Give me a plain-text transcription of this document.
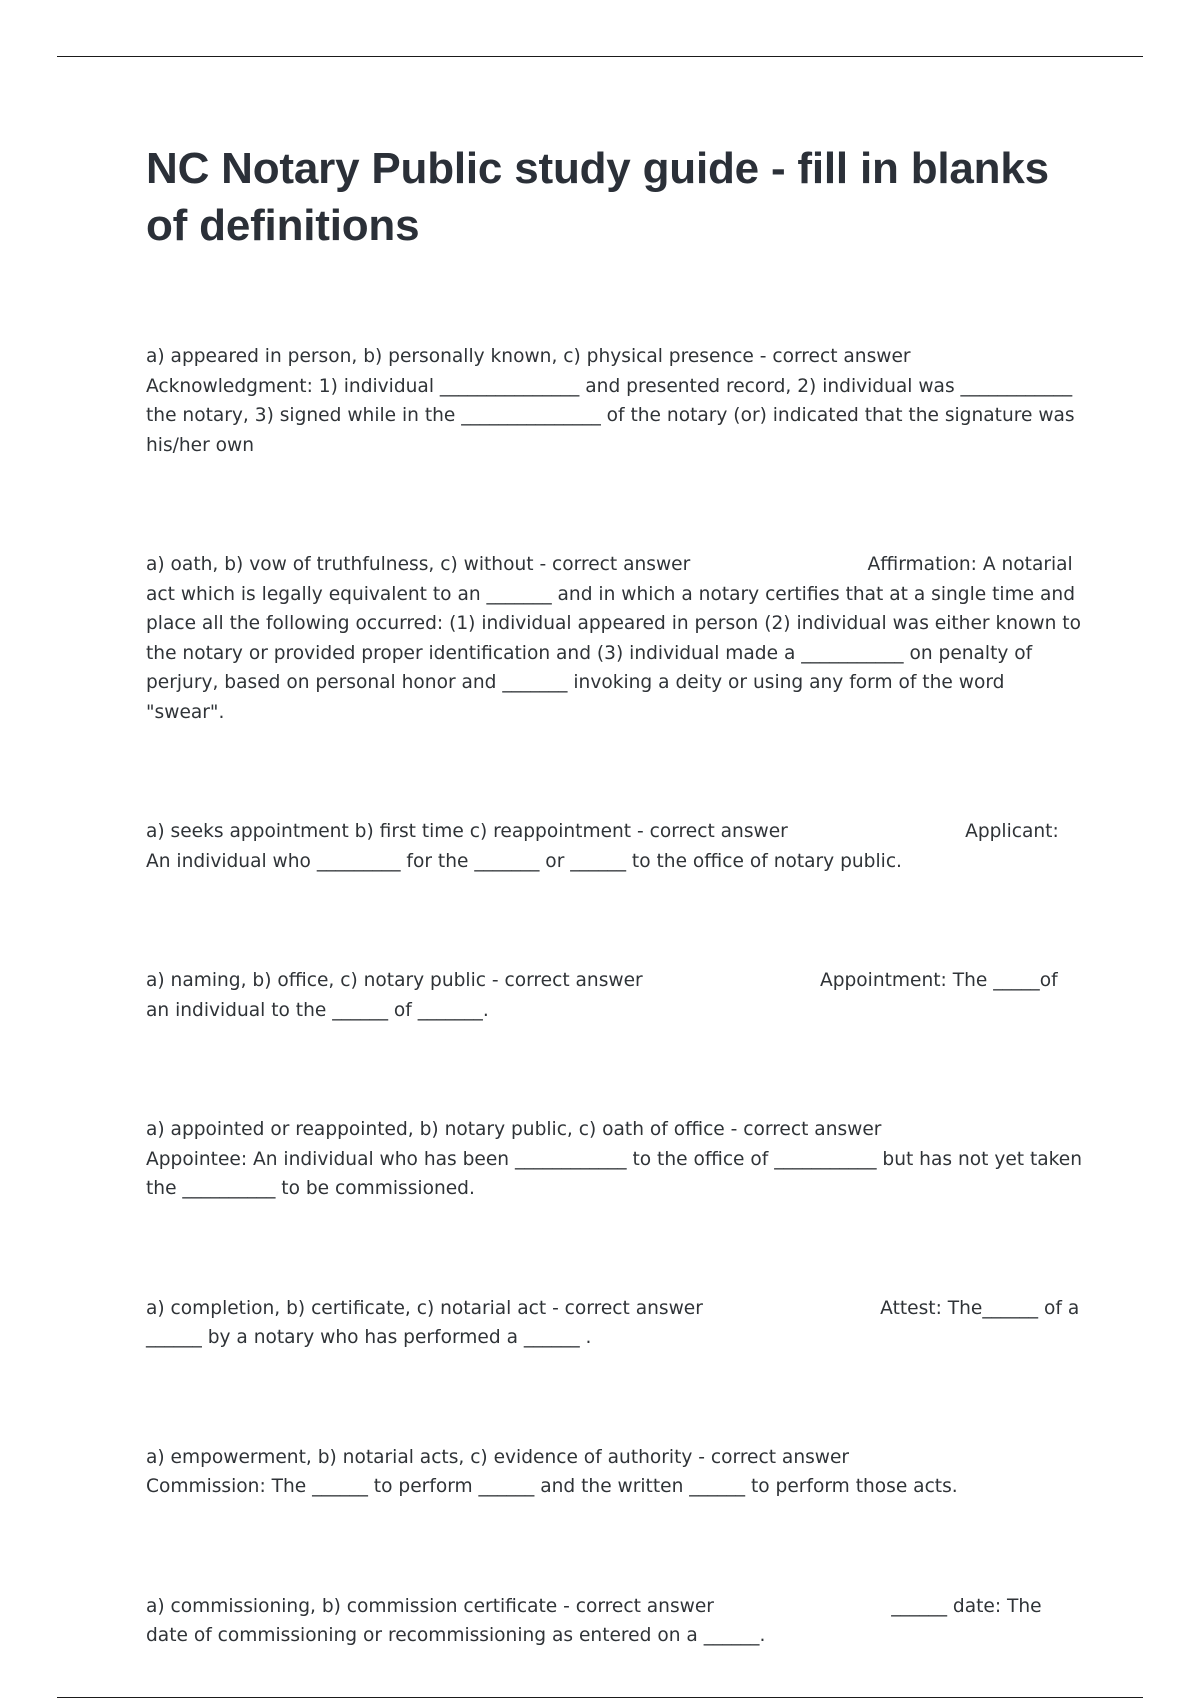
NC Notary Public study guide - fill in blanks of definitions

a) appeared in person, b) personally known, c) physical presence - correct answer
Acknowledgment: 1) individual _______________ and presented record, 2) individual was ____________ the notary, 3) signed while in the _______________ of the notary (or) indicated that the signature was his/her own

a) oath, b) vow of truthfulness, c) without - correct answer	Affirmation: A notarial act which is legally equivalent to an _______ and in which a notary certifies that at a single time and place all the following occurred: (1) individual appeared in person (2) individual was either known to the notary or provided proper identification and (3) individual made a ___________ on penalty of perjury, based on personal honor and _______ invoking a deity or using any form of the word "swear".

a) seeks appointment b) first time c) reappointment - correct answer	Applicant: An individual who _________ for the _______ or ______ to the office of notary public.

a) naming, b) office, c) notary public - correct answer	Appointment: The _____of an individual to the ______ of _______.

a) appointed or reappointed, b) notary public, c) oath of office - correct answer
Appointee: An individual who has been ____________ to the office of ___________ but has not yet taken the __________ to be commissioned.

a) completion, b) certificate, c) notarial act - correct answer	Attest: The______ of a ______ by a notary who has performed a ______ .

a) empowerment, b) notarial acts, c) evidence of authority - correct answer
Commission: The ______ to perform ______ and the written ______ to perform those acts.

a) commissioning, b) commission certificate - correct answer	______ date: The date of commissioning or recommissioning as entered on a ______.
